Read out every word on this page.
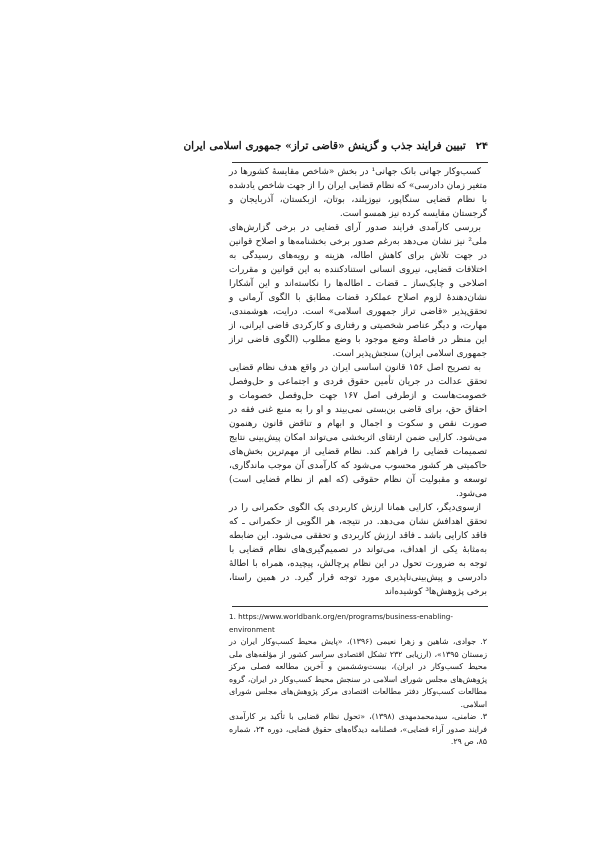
۲۴
تبیین فرایند جذب و گزینش «قاضی تراز» جمهوری اسلامی ایران

کسب‌وکار جهانی بانک جهانی¹ در بخش «شاخص مقایسهٔ کشورها در متغیر زمان دادرسی» که نظام قضایی ایران را از جهت شاخص یادشده با نظام قضایی سنگاپور، نیوزیلند، بوتان، ازبکستان، آذربایجان و گرجستان مقایسه کرده نیز همسو است.

بررسی کارآمدی فرایند صدور آرای قضایی در برخی گزارش‌های ملی² نیز نشان می‌دهد به‌رغم صدور برخی بخشنامه‌ها و اصلاح قوانین در جهت تلاش برای کاهش اطاله، هزینه و رویه‌های رسیدگی به اختلافات قضایی، نیروی انسانی استنادکننده به این قوانین و مقررات اصلاحی و چابک‌ساز ـ قضات ـ اطاله‌ها را نکاسته‌اند و این آشکارا نشان‌دهندهٔ لزوم اصلاح عملکرد قضات مطابق با الگوی آرمانی و تحقق‌پذیر «قاضی تراز جمهوری اسلامی» است. درایت، هوشمندی، مهارت، و دیگر عناصر شخصیتی و رفتاری و کارکردی قاضی ایرانی، از این منظر در فاصلهٔ وضع موجود با وضع مطلوب (الگوی قاضی تراز جمهوری اسلامی ایران) سنجش‌پذیر است.

به تصریح اصل ۱۵۶ قانون اساسی ایران در واقع هدف نظام قضایی تحقق عدالت در جریان تأمین حقوق فردی و اجتماعی و حل‌وفصل خصومت‌هاست و ازطرفی اصل ۱۶۷ جهت حل‌وفصل خصومات و احقاق حق، برای قاضی بن‌بستی نمی‌بیند و او را به منبع غنی فقه در صورت نقص و سکوت و اجمال و ابهام و تناقض قانون رهنمون می‌شود. کارایی ضمن ارتقای اثربخشی می‌تواند امکان پیش‌بینی نتایج تصمیمات قضایی را فراهم کند. نظام قضایی از مهم‌ترین بخش‌های حاکمیتی هر کشور محسوب می‌شود که کارآمدی آن موجب ماندگاری، توسعه و مقبولیت آن نظام حقوقی (که اهم از نظام قضایی است) می‌شود.

ازسوی‌دیگر، کارایی همانا ارزش کاربردی یک الگوی حکمرانی را در تحقق اهدافش نشان می‌دهد. در نتیجه، هر الگویی از حکمرانی ـ که فاقد کارایی باشد ـ فاقد ارزش کاربردی و تحققی می‌شود. این ضابطه به‌مثابهٔ یکی از اهداف، می‌تواند در تصمیم‌گیری‌های نظام قضایی با توجه به ضرورت تحول در این نظام پرچالش، پیچیده، همراه با اطالهٔ دادرسی و پیش‌بینی‌ناپذیری مورد توجه قرار گیرد. در همین راستا، برخی پژوهش‌ها³ کوشیده‌اند

1. https://www.worldbank.org/en/programs/business-enabling-environment

۲. جوادی، شاهین و زهرا نعیمی (۱۳۹۶)، «پایش محیط کسب‌وکار ایران در زمستان ۱۳۹۵»، (ارزیابی ۲۳۲ تشکل اقتصادی سراسر کشور از مؤلفه‌های ملی محیط کسب‌وکار در ایران)، بیست‌وششمین و آخرین مطالعه فصلی مرکز پژوهش‌های مجلس شورای اسلامی در سنجش محیط کسب‌وکار در ایران، گروه مطالعات کسب‌وکار دفتر مطالعات اقتصادی مرکز پژوهش‌های مجلس شورای اسلامی.

۳. ضامنی، سیدمحمدمهدی (۱۳۹۸)، «تحول نظام قضایی با تأکید بر کارآمدی فرایند صدور آراء قضایی»، فصلنامه دیدگاه‌های حقوق قضایی، دوره ۲۴، شماره ۸۵، ص ۲۹.
